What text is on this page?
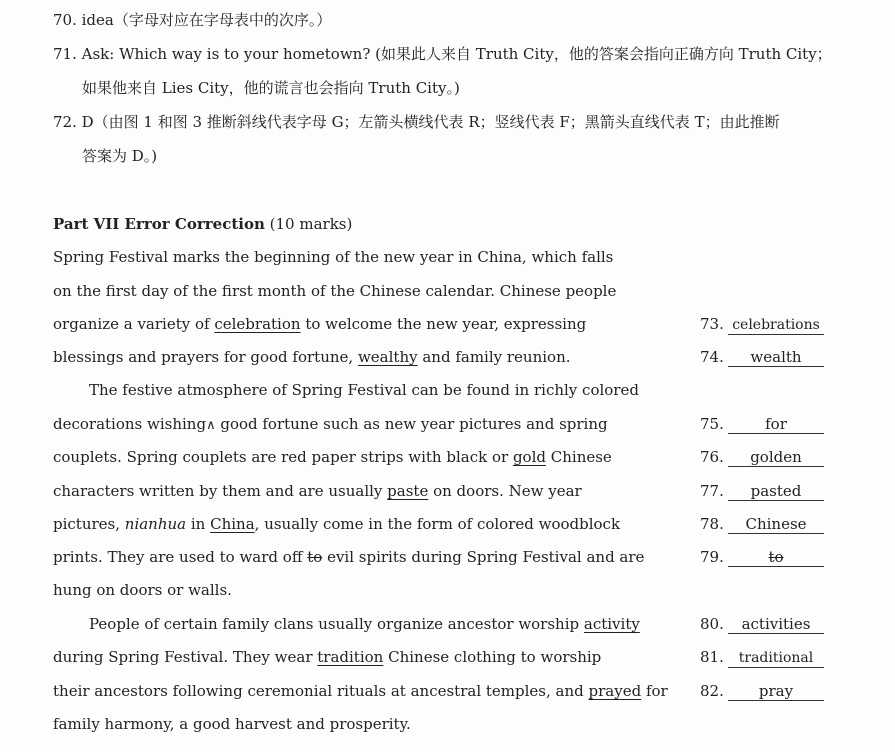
70. idea（字母对应在字母表中的次序。）
71. Ask: Which way is to your hometown? (如果此人来自 Truth City，他的答案会指向正确方向 Truth City；
如果他来自 Lies City，他的谎言也会指向 Truth City。)
72. D（由图 1 和图 3 推断斜线代表字母 G；左箭头横线代表 R；竖线代表 F；黑箭头直线代表 T；由此推断
答案为 D。)
Part VII Error Correction (10 marks)
Spring Festival marks the beginning of the new year in China, which falls
on the first day of the first month of the Chinese calendar. Chinese people
organize a variety of celebration to welcome the new year, expressing
blessings and prayers for good fortune, wealthy and family reunion.
The festive atmosphere of Spring Festival can be found in richly colored
decorations wishing∧ good fortune such as new year pictures and spring
couplets. Spring couplets are red paper strips with black or gold Chinese
characters written by them and are usually paste on doors. New year
pictures, nianhua in China, usually come in the form of colored woodblock
prints. They are used to ward off to evil spirits during Spring Festival and are
hung on doors or walls.
People of certain family clans usually organize ancestor worship activity
during Spring Festival. They wear tradition Chinese clothing to worship
their ancestors following ceremonial rituals at ancestral temples, and prayed for
family harmony, a good harvest and prosperity.
73. celebrations
74. wealth
75.	for
76. golden
77. pasted
78. Chinese
79.	to
80. activities
81. traditional
82. pray
